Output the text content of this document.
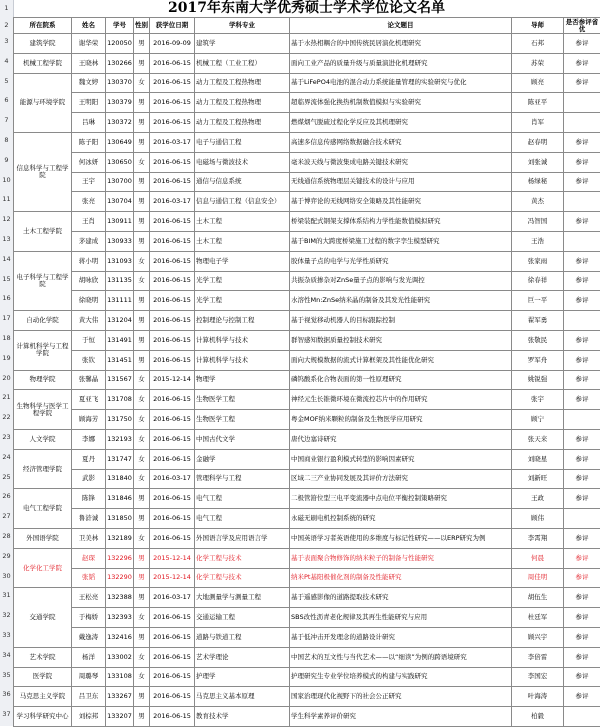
1
2
3
4
5
6
7
8
9
10
11
12
13
14
15
16
17
18
19
20
21
22
23
24
25
26
27
28
29
30
31
32
33
34
35
36
37
2017年东南大学优秀硕士学术学位论文名单
所在院系	姓名	学号	性别	获学位日期	学科专业	论文题目	导师	是否参评省优
建筑学院	谢华荣	120050	男	2016-09-09	建筑学	基于水热相耦合的中国传统民居演化机理研究	石邦	参评
机械工程学院	王晓林	130266	男	2016-06-15	机械工程（工业工程）	面向工业产品的质量升级与质量演进化机理研究	苏荣	参评
能源与环境学院	魏文婷	130370	女	2016-06-15	动力工程及工程热物理	基于LiFePO4电池的混合动力系统能量管理的实验研究与优化	顾亮	参评
	王明阳	130379	男	2016-06-15	动力工程及工程热物理	超临界流体强化换热机制数值模拟与实验研究	陈亚平	
	吕琳	130372	男	2016-06-15	动力工程及工程热物理	燃煤烟气脱硫过程化学反应及其机理研究	肖军	
信息科学与工程学院	陈子阳	130649	男	2016-03-17	电子与通信工程	高速多信息传感网络数据融合技术研究	赵春明	参评
	何冰妍	130650	女	2016-06-15	电磁场与微波技术	毫米波天线与微波集成电路关键技术研究	刘张诚	参评
	王宇	130700	男	2016-06-15	通信与信息系统	无线通信系统物理层关键技术的设计与应用	杨绿秘	参评
	张亮	130704	男	2016-03-17	信息与通信工程（信息安全）	基于博弈论的无线网络安全策略及其性能研究	黄杰	
土木工程学院	王肖	130911	男	2016-06-15	土木工程	桥梁装配式钢架支撑体系结构力学性能数值模拟研究	冯智国	参评
	茅建成	130933	男	2016-06-15	土木工程	基于BIM的大跨度桥梁施工过程的数字孪生模型研究	王浩	
电子科学与工程学院	蒋小明	131093	女	2016-06-15	物理电子学	胶体量子点的电学与光学性质研究	张家雨	参评
	胡咏欣	131135	女	2016-06-15	光学工程	共振杂质掺杂对ZnSe量子点的影响与发光调控	徐春祥	参评
	徐晓明	131111	男	2016-06-15	光学工程	水溶性Mn:ZnSe纳米晶的制备及其发光性能研究	巨一平	参评
自动化学院	黄大伟	131204	男	2016-06-15	控制理论与控制工程	基于视觉移动机器人的目标跟踪控制	翟军勇	
计算机科学与工程学院	于恒	131491	男	2016-06-15	计算机科学与技术	群智感知数据质量控制技术研究	张敬民	参评
	张钦	131451	男	2016-06-15	计算机科学与技术	面向大规模数据的流式计算框架及其性能优化研究	罗军舟	参评
物理学院	张馨晶	131567	女	2015-12-14	物理学	磷钨酸系化合物表面的第一性原理研究	姚锐强	参评
生物科学与医学工程学院	夏亚飞	131708	女	2016-06-15	生物医学工程	神经元生长锥微环境在微流控芯片中的作用研究	张宇	参评
	顾海芳	131750	女	2016-06-15	生物医学工程	粤金MOF纳米颗粒的制备及生物医学应用研究	顾宁	
人文学院	李娜	132193	女	2016-06-15	中国古代文学	唐代边塞诗研究	张天来	参评
经济管理学院	夏丹	131747	女	2016-06-15	金融学	中国商业银行盈利模式转型的影响因素研究	刘晓星	参评
	武影	131840	女	2016-03-17	管理科学与工程	区域二三产业协同发展及其评价方法研究	刘新旺	参评
电气工程学院	陈锋	131846	男	2016-06-15	电气工程	二极管箝位型三电平变流器中点电位平衡控制策略研究	王政	参评
	鲁浒诚	131850	男	2016-06-15	电气工程	永磁无刷电机控制系统的研究	顾伟	
外国语学院	卫美林	132189	女	2016-06-15	外国语言学及应用语言学	中国英语学习者英语使用的多维度与标记性研究——以ERP研究为例	李霄翔	参评
化学化工学院	赵琛	132296	男	2015-12-14	化学工程与技术	基于表面聚合物修饰的纳米粒子的制备与性能研究	何晨	参评
	张韬	132290	男	2015-12-14	化学工程与技术	纳米Pt基阳极催化剂的制备及性能研究	周佳明	参评
交通学院	王松亮	132388	男	2016-03-17	大地测量学与测量工程	基于遥感影像的道路提取技术研究	胡伍生	参评
	于梅娇	132393	女	2016-06-15	交通运输工程	SBS改性沥青老化规律及其再生性能研究与应用	杜廷军	参评
	戴逸涛	132416	男	2016-06-15	道路与铁道工程	基于低冲击开发理念的道路设计研究	顾兴宇	参评
艺术学院	杨洋	133002	女	2016-06-15	艺术学理论	中国艺术的互文性与当代艺术——以“细读”为例的跨语境研究	李倍雷	参评
医学院	周璐琴	133108	女	2016-06-15	护理学	护理研究生专业学位培养模式的构建与实践研究	李国宏	参评
马克思主义学院	吕卫东	133267	男	2016-06-15	马克思主义基本原理	国家治理现代化视野下的社会公正研究	叶海涛	参评
学习科学研究中心	刘棕邦	133207	男	2016-06-15	教育技术学	学生科学素养评价研究	柏毅	
